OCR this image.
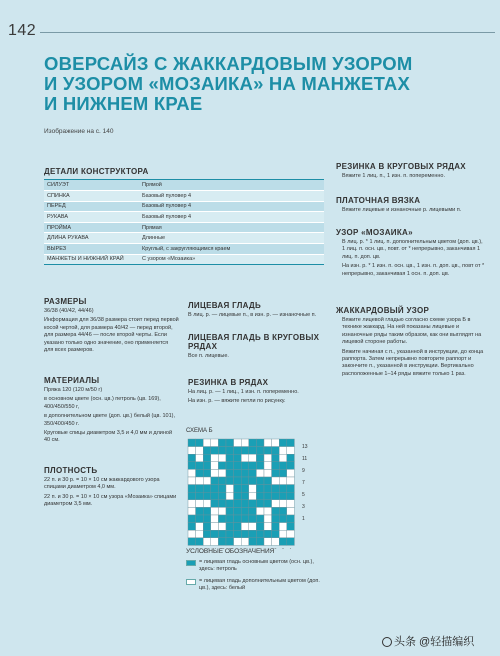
142
ОВЕРСАЙЗ С ЖАККАРДОВЫМ УЗОРОМ
И УЗОРОМ «МОЗАИКА» НА МАНЖЕТАХ
И НИЖНЕМ КРАЕ
Изображение на с. 140
ДЕТАЛИ КОНСТРУКТОРА
СИЛУЭТ	Прямой
СПИНКА	Базовый пуловер 4
ПЕРЕД	Базовый пуловер 4
РУКАВА	Базовый пуловер 4
ПРОЙМА	Прямая
ДЛИНА РУКАВА	Длинные
ВЫРЕЗ	Круглый, с закругляющимся краем
МАНЖЕТЫ И НИЖНИЙ КРАЙ	С узором «Мозаика»
РАЗМЕРЫ
36/38 (40/42, 44/46)
Информация для 36/38 размера стоит перед первой косой чертой, для размера 40/42 — перед второй, для размера 44/46 — после второй черты. Если указано только одно значение, оно применяется для всех размеров.
МАТЕРИАЛЫ
Пряжа 120 (120 м/50 г)
в основном цвете (осн. цв.) петроль (цв. 169), 400/450/550 г,
в дополнительном цвете (доп. цв.) белый (цв. 101), 350/400/450 г.
Круговые спицы диаметром 3,5 и 4,0 мм и длиной 40 см.
ПЛОТНОСТЬ
22 п. и 30 р. = 10 × 10 см жаккардового узора спицами диаметром 4,0 мм.
22 п. и 30 р. = 10 × 10 см узора «Мозаика» спицами диаметром 3,5 мм.
ЛИЦЕВАЯ ГЛАДЬ
В лиц. р. — лицевые п., в изн. р. — изнаночные п.
ЛИЦЕВАЯ ГЛАДЬ В КРУГОВЫХ РЯДАХ
Все п. лицевые.
РЕЗИНКА В РЯДАХ
На лиц. р. — 1 лиц., 1 изн. п. попеременно.
На изн. р. — вяжите петли по рисунку.
СХЕМА Б
13
11
9
7
5
3
1
УСЛОВНЫЕ ОБОЗНАЧЕНИЯ
= лицевая гладь основным цветом (осн. цв.), здесь: петроль
= лицевая гладь дополнительным цветом (доп. цв.), здесь: белый
РЕЗИНКА В КРУГОВЫХ РЯДАХ
Вяжите 1 лиц. п., 1 изн. п. попеременно.
ПЛАТОЧНАЯ ВЯЗКА
Вяжите лицевые и изнаночные р. лицевыми п.
УЗОР «МОЗАИКА»
В лиц. р. * 1 лиц. п. дополнительным цветом (доп. цв.), 1 лиц. п. осн. цв., повт. от * непрерывно, заканчивая 1 лиц. п. доп. цв.
На изн. р. * 1 изн. п. осн. цв., 1 изн. п. доп. цв., повт от * непрерывно, заканчивая 1 осн. п. доп. цв.
ЖАККАРДОВЫЙ УЗОР
Вяжите лицевой гладью согласно схеме узора Б в технике жаккард. На ней показаны лицевые и изнаночные ряды таким образом, как они выглядят на лицевой стороне работы.
Вяжите начиная с п., указанной в инструкции, до конца раппорта. Затем непрерывно повторите раппорт и закончите п., указанной в инструкции. Вертикально расположенные 1–14 ряды вяжите только 1 раз.
头条 @轻描编织
